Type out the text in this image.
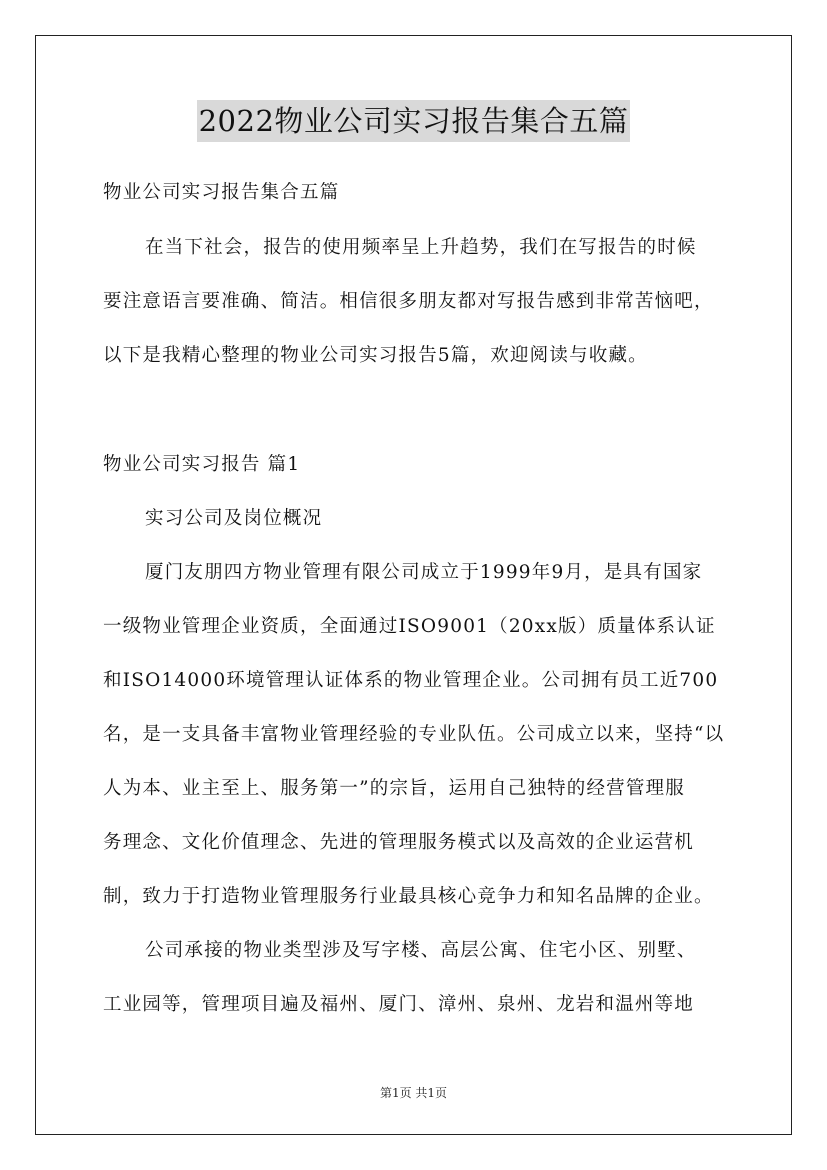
2022物业公司实习报告集合五篇
物业公司实习报告集合五篇
在当下社会，报告的使用频率呈上升趋势，我们在写报告的时候
要注意语言要准确、简洁。相信很多朋友都对写报告感到非常苦恼吧，
以下是我精心整理的物业公司实习报告5篇，欢迎阅读与收藏。
物业公司实习报告 篇1
实习公司及岗位概况
厦门友朋四方物业管理有限公司成立于1999年9月，是具有国家
一级物业管理企业资质，全面通过ISO9001（20xx版）质量体系认证
和ISO14000环境管理认证体系的物业管理企业。公司拥有员工近700
名，是一支具备丰富物业管理经验的专业队伍。公司成立以来，坚持“以
人为本、业主至上、服务第一”的宗旨，运用自己独特的经营管理服
务理念、文化价值理念、先进的管理服务模式以及高效的企业运营机
制，致力于打造物业管理服务行业最具核心竞争力和知名品牌的企业。
公司承接的物业类型涉及写字楼、高层公寓、住宅小区、别墅、
工业园等，管理项目遍及福州、厦门、漳州、泉州、龙岩和温州等地
第1页 共1页
